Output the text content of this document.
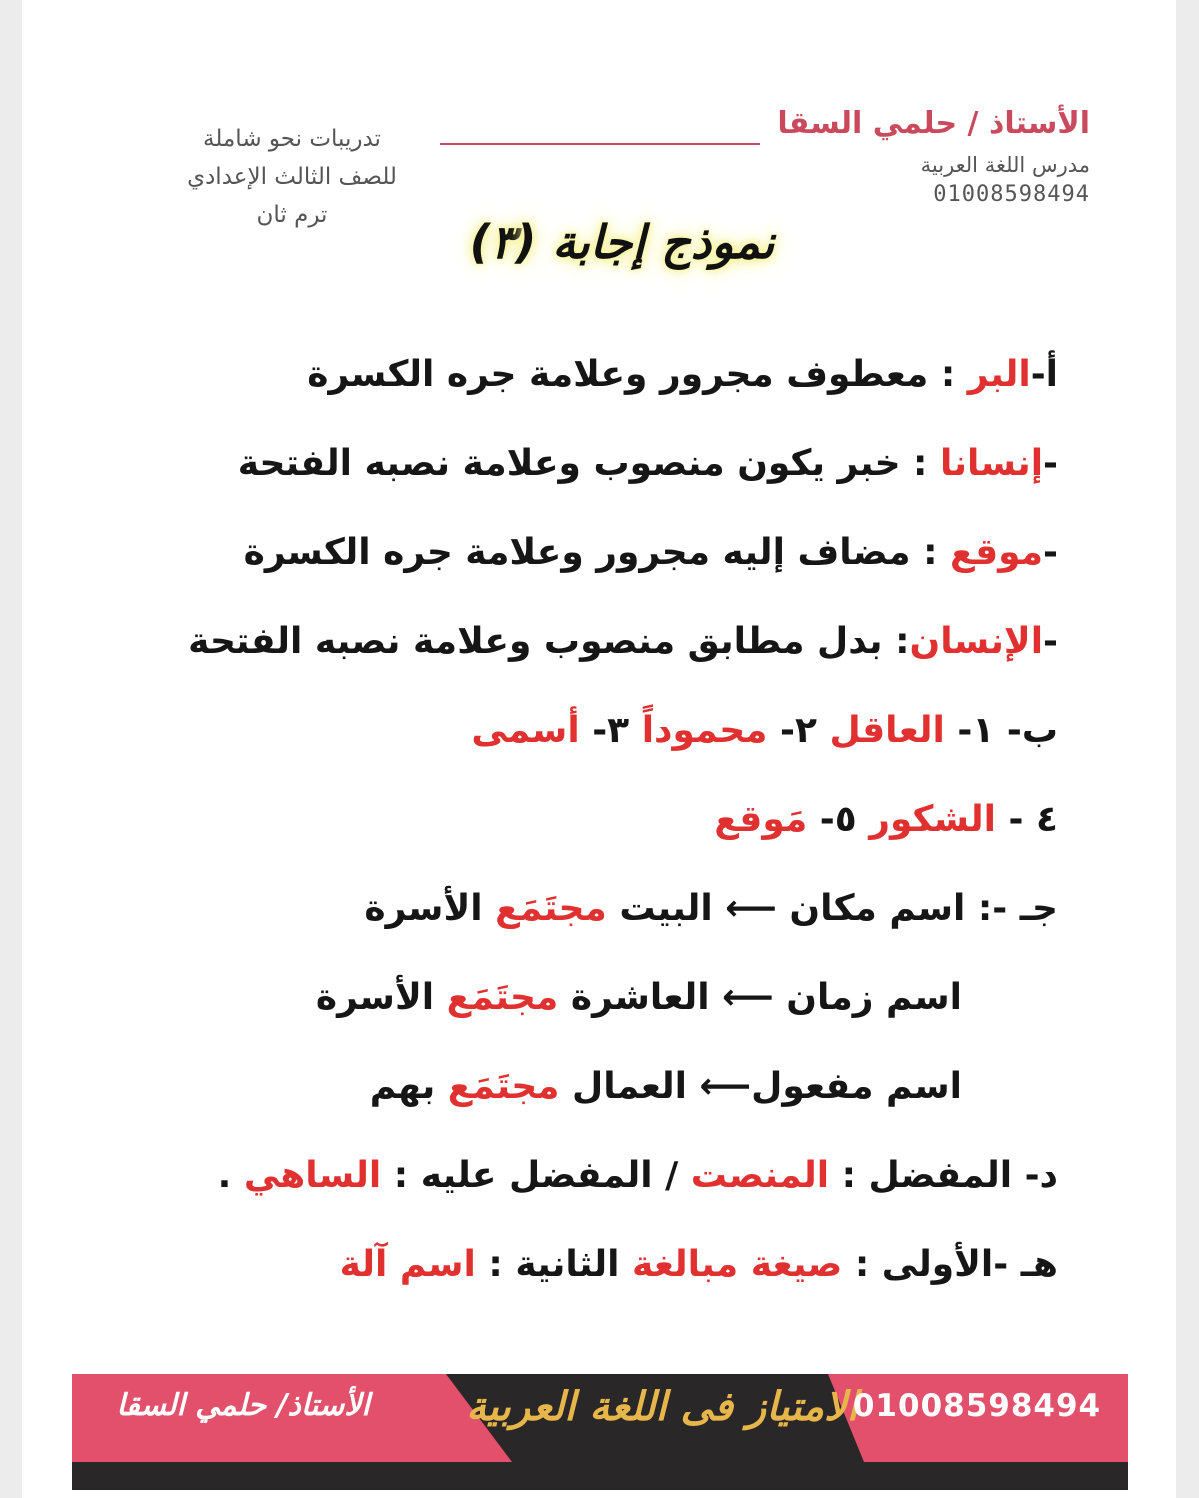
الأستاذ / حلمي السقا
مدرس اللغة العربية
01008598494
تدريبات نحو شاملة
للصف الثالث الإعدادي
ترم ثان	نموذج إجابة (٣)
أ-البر : معطوف مجرور وعلامة جره الكسرة
-إنسانا : خبر يكون منصوب وعلامة نصبه الفتحة
-موقع : مضاف إليه مجرور وعلامة جره الكسرة
-الإنسان: بدل مطابق منصوب وعلامة نصبه الفتحة
ب- ١- العاقل ٢- محموداً ٣- أسمى
٤ - الشكور ٥- مَوقع
جـ -: اسم مكان ⟵ البيت مجتَمَع الأسرة
اسم زمان ⟵ العاشرة مجتَمَع الأسرة
اسم مفعول⟵ العمال مجتَمَع بهم
د- المفضل : المنصت / المفضل عليه : الساهي .
هـ -الأولى : صيغة مبالغة الثانية : اسم آلة
الأستاذ/ حلمي السقا	الامتياز فى اللغة العربية
01008598494
